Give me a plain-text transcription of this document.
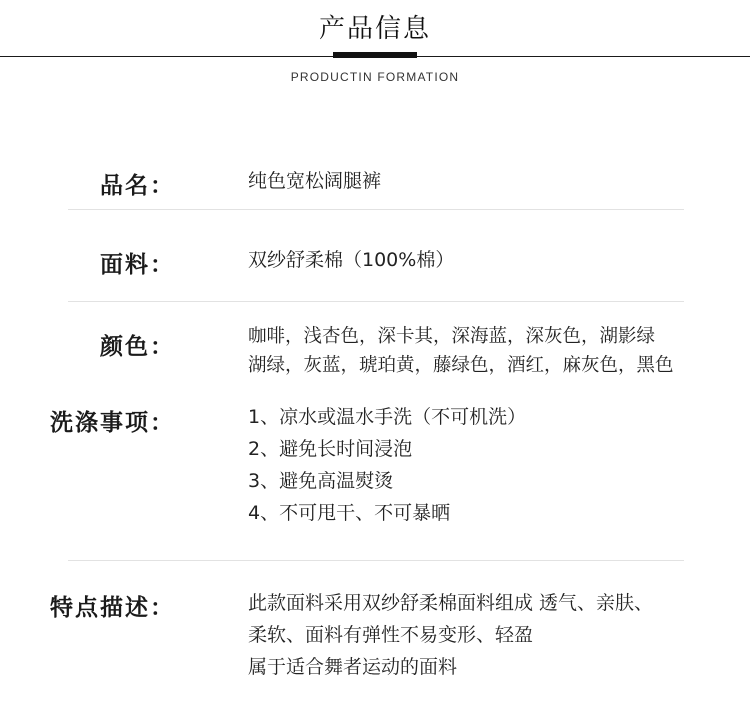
产品信息
PRODUCTIN FORMATION
品名：	纯色宽松阔腿裤
面料：	双纱舒柔棉（100%棉）
颜色：	咖啡，浅杏色，深卡其，深海蓝，深灰色，湖影绿
湖绿，灰蓝，琥珀黄，藤绿色，酒红，麻灰色，黑色
洗涤事项：	1、凉水或温水手洗（不可机洗）
2、避免长时间浸泡
3、避免高温熨烫
4、不可甩干、不可暴晒
特点描述：	此款面料采用双纱舒柔棉面料组成 透气、亲肤、
柔软、面料有弹性不易变形、轻盈
属于适合舞者运动的面料
